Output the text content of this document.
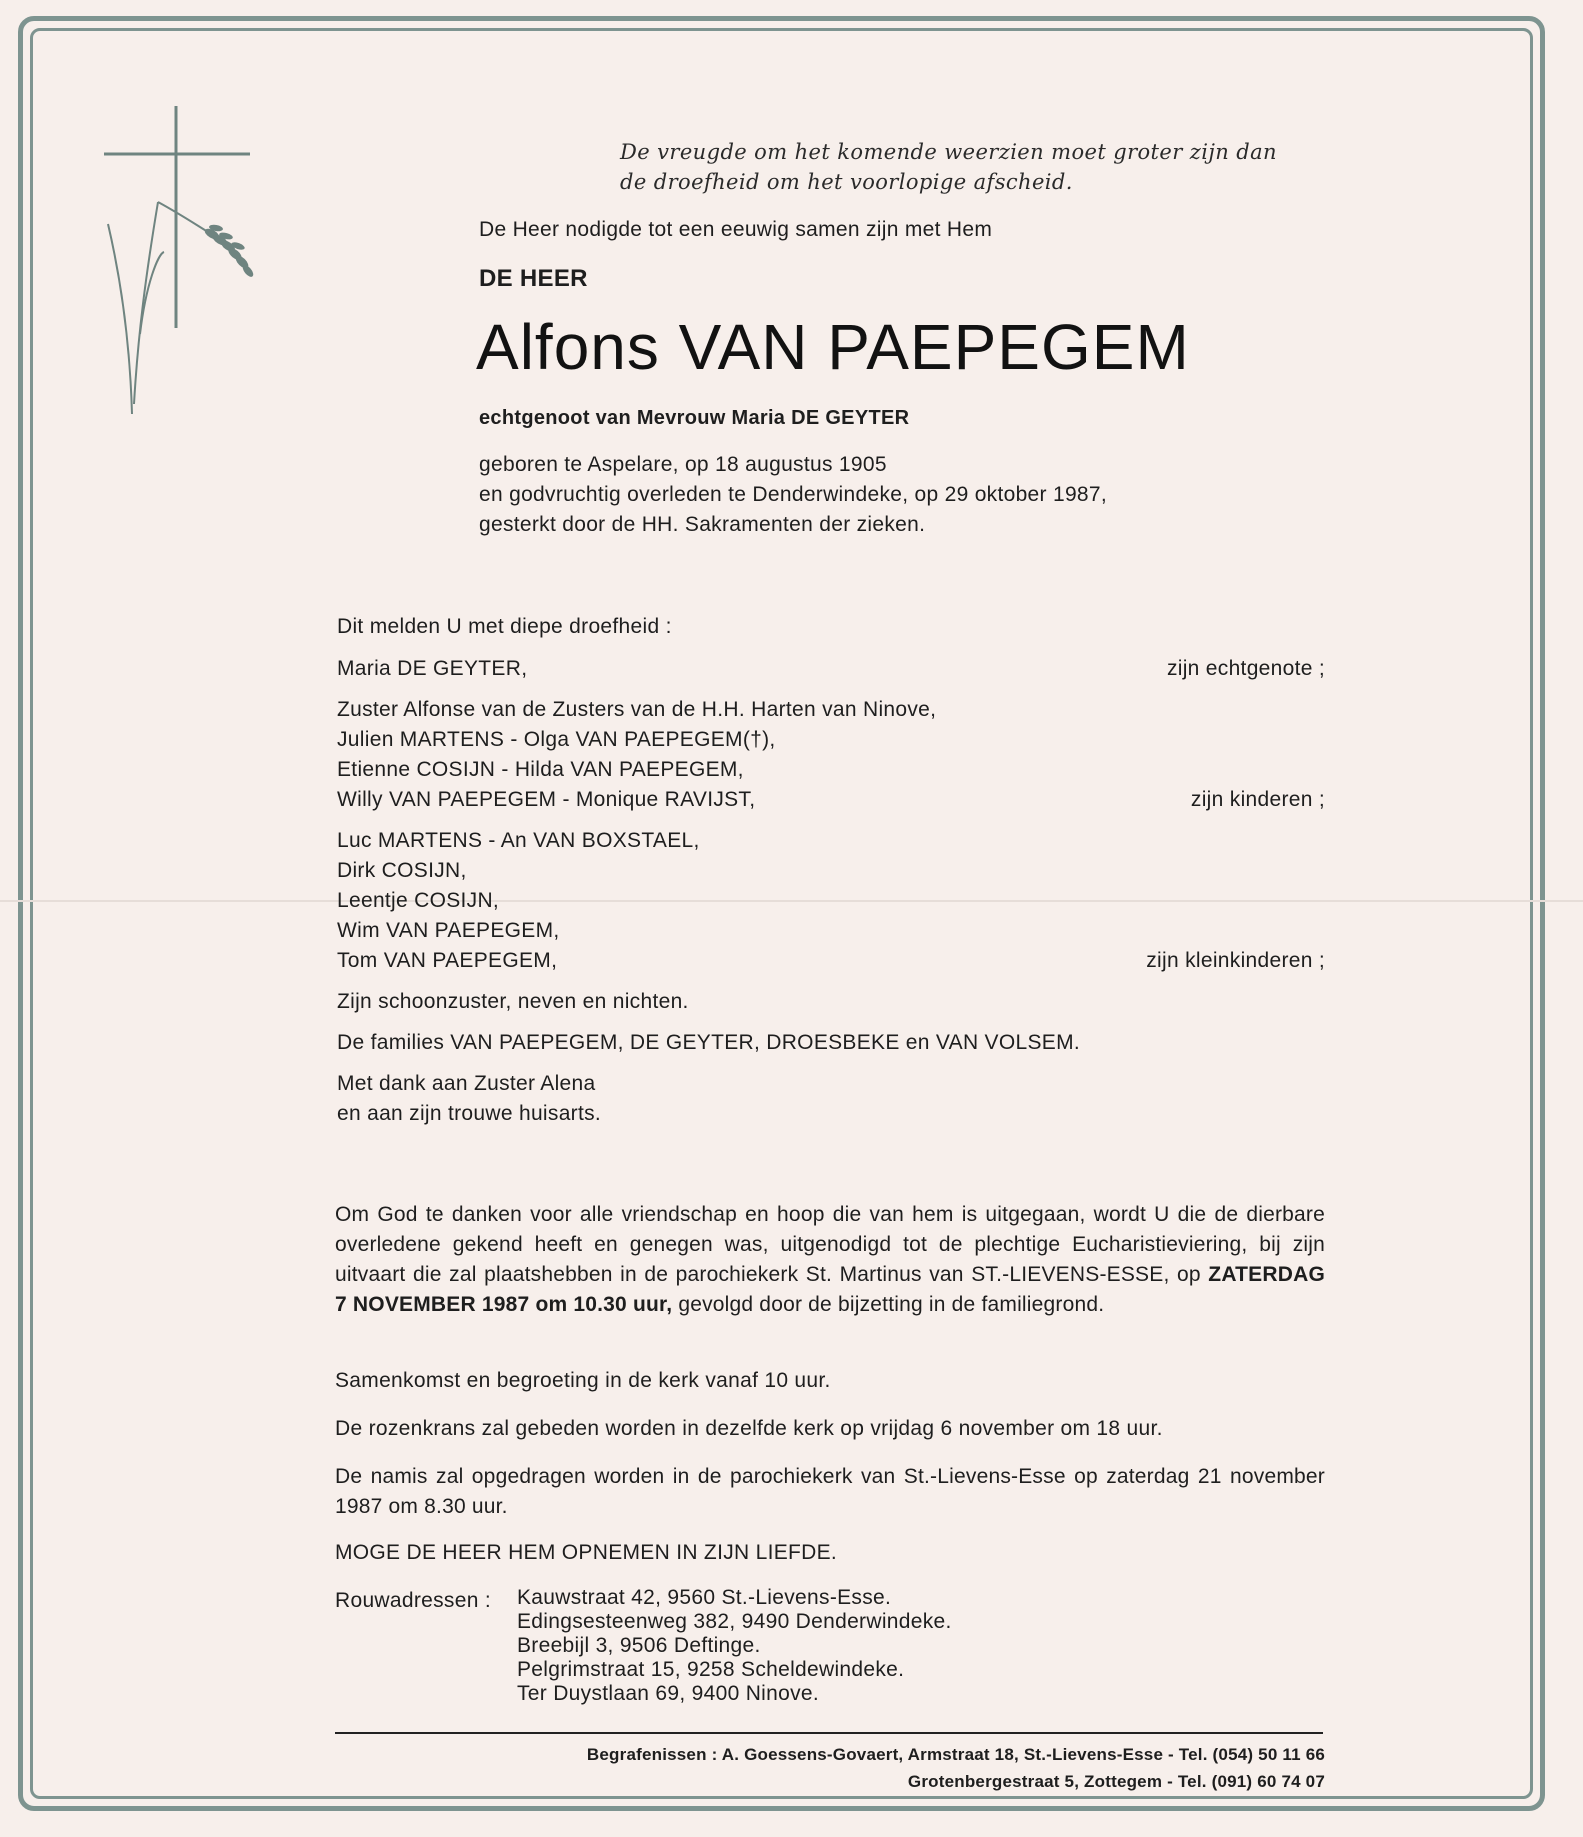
De vreugde om het komende weerzien moet groter zijn dan
de droefheid om het voorlopige afscheid.
De Heer nodigde tot een eeuwig samen zijn met Hem
DE HEER
Alfons VAN PAEPEGEM
echtgenoot van Mevrouw Maria DE GEYTER
geboren te Aspelare, op 18 augustus 1905
en godvruchtig overleden te Denderwindeke, op 29 oktober 1987,
gesterkt door de HH. Sakramenten der zieken.
Dit melden U met diepe droefheid :
Maria DE GEYTER,	zijn echtgenote ;
Zuster Alfonse van de Zusters van de H.H. Harten van Ninove,
Julien MARTENS - Olga VAN PAEPEGEM(†),
Etienne COSIJN - Hilda VAN PAEPEGEM,
Willy VAN PAEPEGEM - Monique RAVIJST,	zijn kinderen ;
Luc MARTENS - An VAN BOXSTAEL,
Dirk COSIJN,
Leentje COSIJN,
Wim VAN PAEPEGEM,
Tom VAN PAEPEGEM,	zijn kleinkinderen ;
Zijn schoonzuster, neven en nichten.
De families VAN PAEPEGEM, DE GEYTER, DROESBEKE en VAN VOLSEM.
Met dank aan Zuster Alena
en aan zijn trouwe huisarts.
Om God te danken voor alle vriendschap en hoop die van hem is uitgegaan, wordt U die de dierbare overledene gekend heeft en genegen was, uitgenodigd tot de plechtige Eucharistieviering, bij zijn uitvaart die zal plaatshebben in de parochiekerk St. Martinus van ST.-LIEVENS-ESSE, op ZATERDAG 7 NOVEMBER 1987 om 10.30 uur, gevolgd door de bijzetting in de familiegrond.
Samenkomst en begroeting in de kerk vanaf 10 uur.
De rozenkrans zal gebeden worden in dezelfde kerk op vrijdag 6 november om 18 uur.
De namis zal opgedragen worden in de parochiekerk van St.-Lievens-Esse op zaterdag 21 november 1987 om 8.30 uur.
MOGE DE HEER HEM OPNEMEN IN ZIJN LIEFDE.
Rouwadressen : Kauwstraat 42, 9560 St.-Lievens-Esse.
Edingsesteenweg 382, 9490 Denderwindeke.
Breebijl 3, 9506 Deftinge.
Pelgrimstraat 15, 9258 Scheldewindeke.
Ter Duystlaan 69, 9400 Ninove.
Begrafenissen : A. Goessens-Govaert, Armstraat 18, St.-Lievens-Esse - Tel. (054) 50 11 66
Grotenbergestraat 5, Zottegem - Tel. (091) 60 74 07
